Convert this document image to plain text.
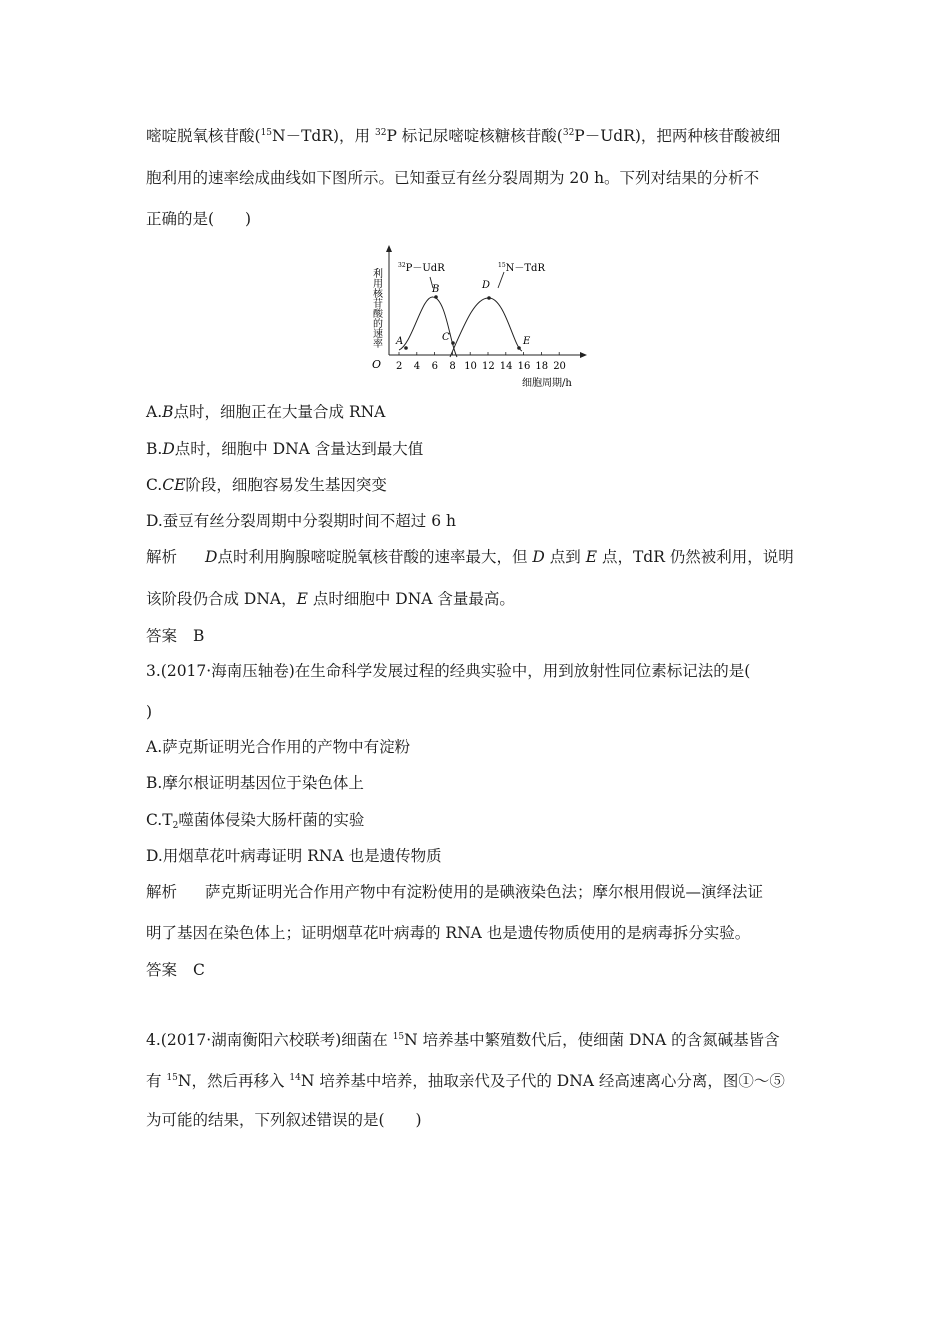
嘧啶脱氧核苷酸($^{15}$N－TdR)，用 $^{32}$P 标记尿嘧啶核糖核苷酸($^{32}$P－UdR)，把两种核苷酸被细
胞利用的速率绘成曲线如下图所示。已知蚕豆有丝分裂周期为 20 h。下列对结果的分析不
正确的是(　　)
利用核苷酸的速率
O 2 4 6 8 10 12 14 16 18 20
细胞周期/h
$^{32}$P－UdR	$^{15}$N－TdR
A
B
C
D
E
A.B点时，细胞正在大量合成 RNA
B.D点时，细胞中 DNA 含量达到最大值
C.CE阶段，细胞容易发生基因突变
D.蚕豆有丝分裂周期中分裂期时间不超过 6 h
解析 D点时利用胸腺嘧啶脱氧核苷酸的速率最大，但 D 点到 E 点，TdR 仍然被利用，说明
该阶段仍合成 DNA，E 点时细胞中 DNA 含量最高。
答案 B
3.(2017·海南压轴卷)在生命科学发展过程的经典实验中，用到放射性同位素标记法的是(
)
A.萨克斯证明光合作用的产物中有淀粉
B.摩尔根证明基因位于染色体上
$C.T_2$噬菌体侵染大肠杆菌的实验
D.用烟草花叶病毒证明 RNA 也是遗传物质
解析 萨克斯证明光合作用产物中有淀粉使用的是碘液染色法；摩尔根用假说—演绎法证
明了基因在染色体上；证明烟草花叶病毒的 RNA 也是遗传物质使用的是病毒拆分实验。
答案 C
4.(2017·湖南衡阳六校联考)细菌在 $^{15}$N 培养基中繁殖数代后，使细菌 DNA 的含氮碱基皆含
有 $^{15}$N，然后再移入 $^{14}$N 培养基中培养，抽取亲代及子代的 DNA 经高速离心分离，图①～⑤
为可能的结果，下列叙述错误的是(　　)
